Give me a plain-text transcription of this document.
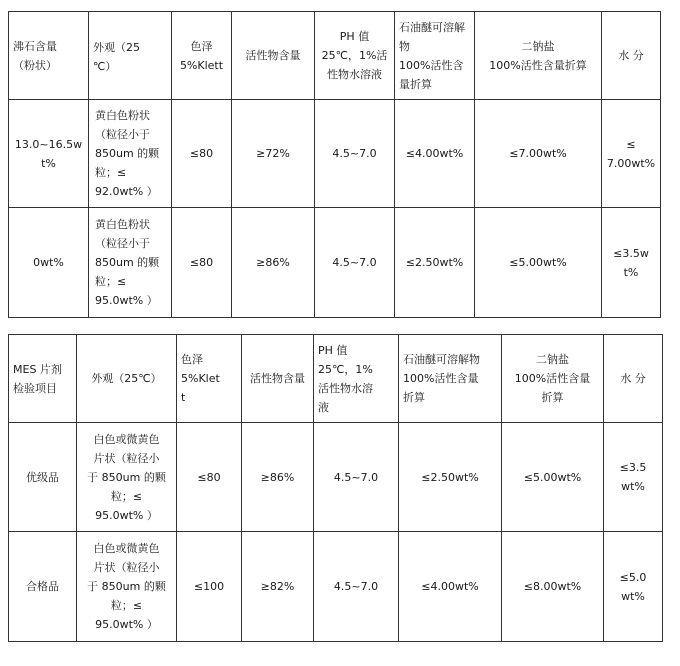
沸石含量
（粉状）	外观（25
℃）	色泽
5%Klett	活性物含量	PH 值
25℃，1%活
性物水溶液	石油醚可溶解
物
100%活性含
量折算	二钠盐
100%活性含量折算	水 分
13.0~16.5w
t%	黄白色粉状
（粒径小于
850um 的颗
粒；≤
92.0wt% ）	≤80	≥72%	4.5~7.0	≤4.00wt%	≤7.00wt%	≤
7.00wt%
0wt%	黄白色粉状
（粒径小于
850um 的颗
粒；≤
95.0wt% ）	≤80	≥86%	4.5~7.0	≤2.50wt%	≤5.00wt%	≤3.5wt%
MES 片剂
检验项目	外观（25℃）	色泽
5%Klet
t	活性物含量	PH 值
25℃，1%
活性物水溶
液	石油醚可溶解物
100%活性含量
折算	二钠盐
100%活性含量
折算	水 分
优级品	白色或微黄色
片状（粒径小
于 850um 的颗
粒；≤
95.0wt% ）	≤80	≥86%	4.5~7.0	≤2.50wt%	≤5.00wt%	≤3.5
wt%
合格品	白色或微黄色
片状（粒径小
于 850um 的颗
粒；≤
95.0wt% ）	≤100	≥82%	4.5~7.0	≤4.00wt%	≤8.00wt%	≤5.0
wt%
